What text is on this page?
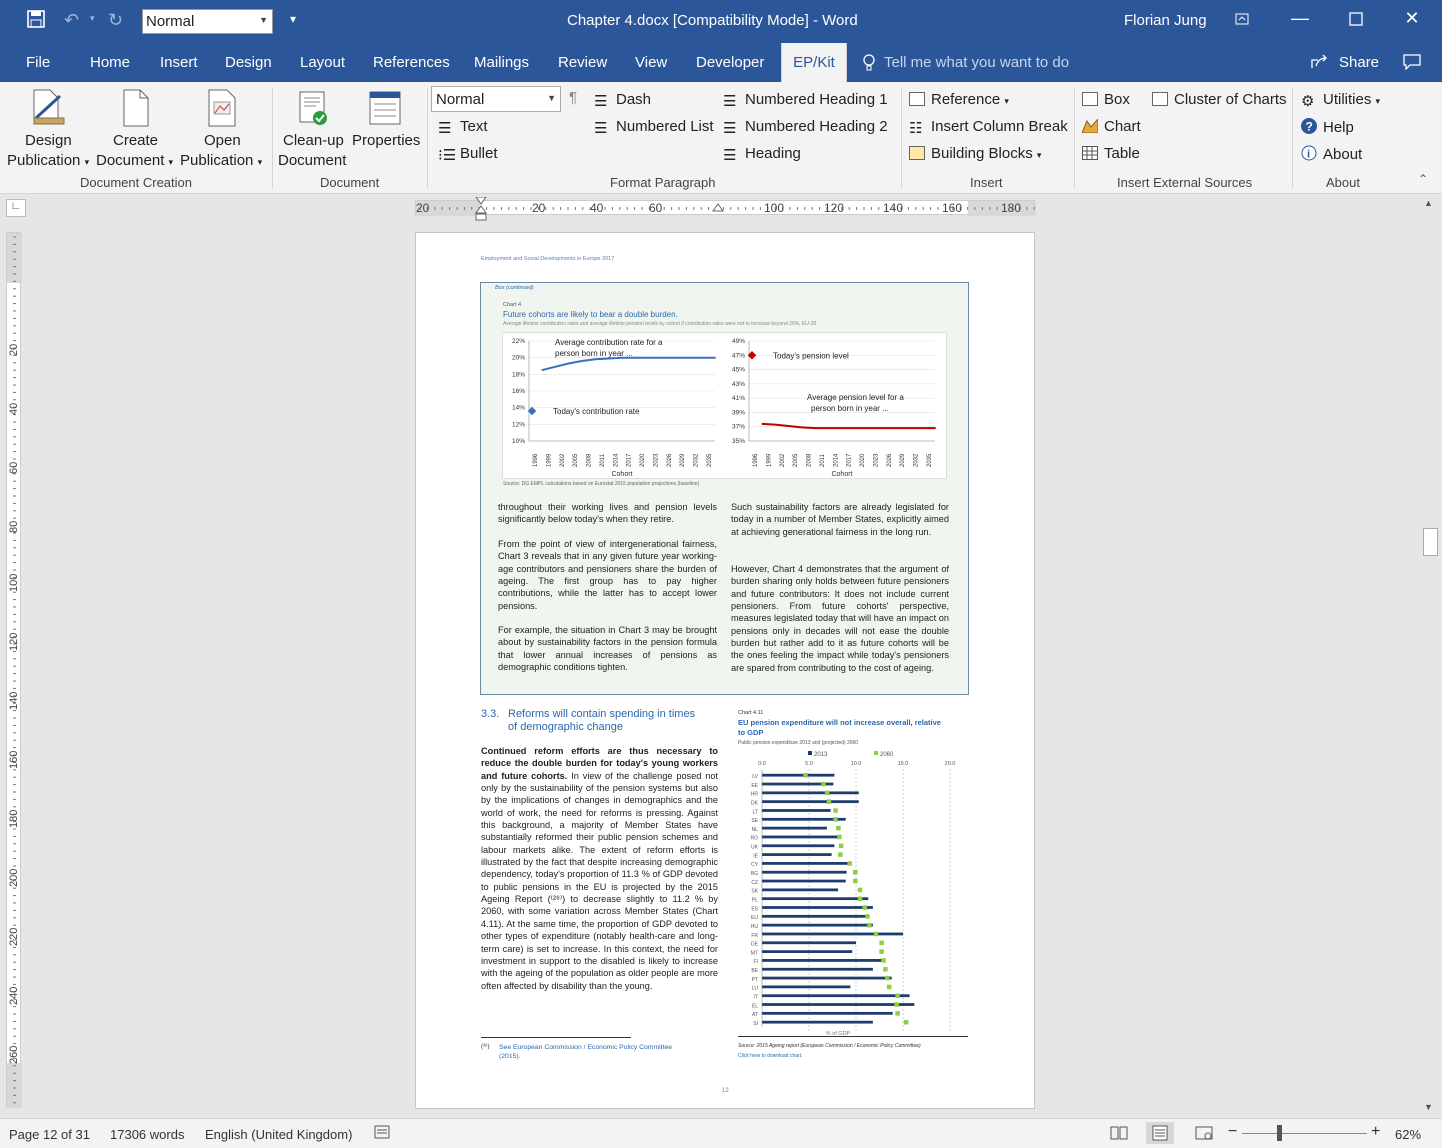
↶ ▾ ↻ Normal	▼ ▾	Chapter 4.docx [Compatibility Mode] - Word	Florian Jung	—	✕
File	Home Insert Design Layout References Mailings Review View Developer	EP/Kit	Tell me what you want to do	Share
Design
Publication ▾
Create
Document ▾
Open
Publication ▾
Document Creation
Clean-up
Document
Properties
Document
Normal	▼ ¶
☰ Text
⁝☰ Bullet
☰ Dash
☰ Numbered List
☰ Numbered Heading 1
☰ Numbered Heading 2
☰ Heading
Format Paragraph
Reference ▾
☷ Insert Column Break
Building Blocks ▾
Insert
Box
Chart
Table
Cluster of Charts
Insert External Sources
⚙ Utilities ▾
? Help
i About
About	⌃
∟	20	20	40	60	100	120	140	160	180
20
40
60
80
100
120
140
160
180
200
220
240
260
Employment and Social Developments in Europe 2017
Box (continued)
Chart 4
Future cohorts are likely to bear a double burden.
Average lifetime contribution rates and average lifetime pension levels by cohort if contribution rates were not to increase beyond 20%, EU-28
22%
20%
18%
16%
14%
12%
10%
1996 1999 2002 2005 2008 2011 2014 2017 2020 2023 2026 2029 2032 2035
Cohort
Today's contribution rate
Average contribution rate for a
person born in year ...
49%
47%
45%
43%
41%
39%
37%
35%
1996 1999 2002 2005 2008 2011 2014 2017 2020 2023 2026 2029 2032 2035
Cohort
Today's pension level
Average pension level for a
person born in year ...
Source: DG EMPL calculations based on Eurostat 2015 population projections (baseline)
throughout their working lives and pension levels significantly below today's when they retire.
From the point of view of intergenerational fairness, Chart 3 reveals that in any given future year working-age contributors and pensioners share the burden of ageing. The first group has to pay higher contributions, while the latter has to accept lower pensions.
For example, the situation in Chart 3 may be brought about by sustainability factors in the pension formula that lower annual increases of pensions as demographic conditions tighten.
Such sustainability factors are already legislated for today in a number of Member States, explicitly aimed at achieving generational fairness in the long run.
However, Chart 4 demonstrates that the argument of burden sharing only holds between future pensioners and future contributors: It does not include current pensioners. From future cohorts' perspective, measures legislated today that will have an impact on pensions only in decades will not ease the double burden but rather add to it as future cohorts will be the ones feeling the impact while today's pensioners are spared from contributing to the cost of ageing.
3.3. Reforms will contain spending in times
of demographic change
Continued reform efforts are thus necessary to reduce the double burden for today's young workers and future cohorts. In view of the challenge posed not only by the sustainability of the pension systems but also by the implications of changes in demographics and the world of work, the need for reforms is pressing. Against this background, a majority of Member States have substantially reformed their public pension schemes and labour markets alike. The extent of reform efforts is illustrated by the fact that despite increasing demographic dependency, today's proportion of 11.3 % of GDP devoted to public pensions in the EU is projected by the 2015 Ageing Report (⁽²⁸⁾) to decrease slightly to 11.2 % by 2060, with some variation across Member States (Chart 4.11). At the same time, the proportion of GDP devoted to other types of expenditure (notably health-care and long-term care) is set to increase. In this context, the need for investment in support to the disabled is likely to increase with the ageing of the population as older people are more often affected by disability than the young.
(²⁸) See European Commission / Economic Policy Committee
(2015).
Chart 4.11
EU pension expenditure will not increase overall, relative
to GDP
Public pension expenditure 2013 and (projected) 2060
2013	2060
0.0	5.0	10.0	15.0	20.0
LV
EE
HR
DK
LT
SE
NL
RO
UK
IE
CY
BG
CZ
SK
PL
ES
EU
HU
FR
DE
MT
FI
BE
PT
LU
IT
EL
AT
SI
% of GDP
Source: 2015 Ageing report (European Commission / Economic Policy Committee)
Click here to download chart.
12
▲
▼
Page 12 of 31 17306 words English (United Kingdom)	−	+ 62%
